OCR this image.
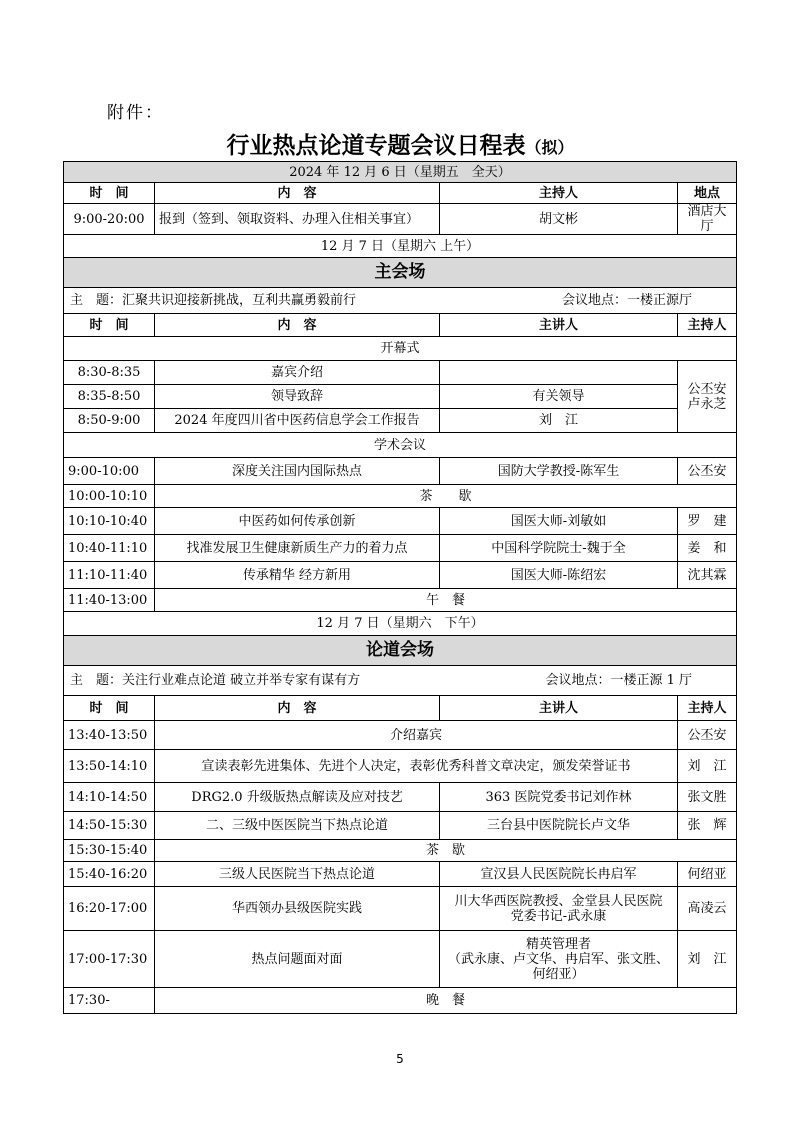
附件：
行业热点论道专题会议日程表（拟）
2024 年 12 月 6 日（星期五　全天）			
时　间	内　容	主持人	地点
9:00-20:00	报到（签到、领取资料、办理入住相关事宜）	胡文彬	酒店大厅
12 月 7 日（星期六 上午）			
主会场			

会议地点：一楼正源厅
主　题：汇聚共识迎接新挑战，互利共赢勇毅前行			
时　间	内　容	主讲人	主持人
开幕式			
8:30-8:35	嘉宾介绍		公丕安
卢永芝
8:35-8:50	领导致辞	有关领导	
8:50-9:00	2024 年度四川省中医药信息学会工作报告	刘　江	
学术会议			
9:00-10:00	深度关注国内国际热点	国防大学教授-陈军生	公丕安
10:00-10:10	茶　　歇		
10:10-10:40	中医药如何传承创新	国医大师-刘敏如	罗　建
10:40-11:10	找准发展卫生健康新质生产力的着力点	中国科学院院士-魏于全	姜　和
11:10-11:40	传承精华 经方新用	国医大师-陈绍宏	沈其霖
11:40-13:00	午　餐		
12 月 7 日（星期六　下午）			
论道会场			

会议地点：一楼正源 1 厅
主　题：关注行业难点论道 破立并举专家有谋有方			
时　间	内　容	主讲人	主持人
13:40-13:50	介绍嘉宾		公丕安
13:50-14:10	宣读表彰先进集体、先进个人决定，表彰优秀科普文章决定，颁发荣誉证书		刘　江
14:10-14:50	DRG2.0 升级版热点解读及应对技艺	363 医院党委书记刘作林	张文胜
14:50-15:30	二、三级中医医院当下热点论道	三台县中医院院长卢文华	张　辉
15:30-15:40	茶　歇		
15:40-16:20	三级人民医院当下热点论道	宣汉县人民医院院长冉启军	何绍亚
16:20-17:00	华西领办县级医院实践	川大华西医院教授、金堂县人民医院
党委书记-武永康	高凌云
17:00-17:30	热点问题面对面	精英管理者
（武永康、卢文华、冉启军、张文胜、
何绍亚）	刘　江
17:30-	晚　餐		
5
